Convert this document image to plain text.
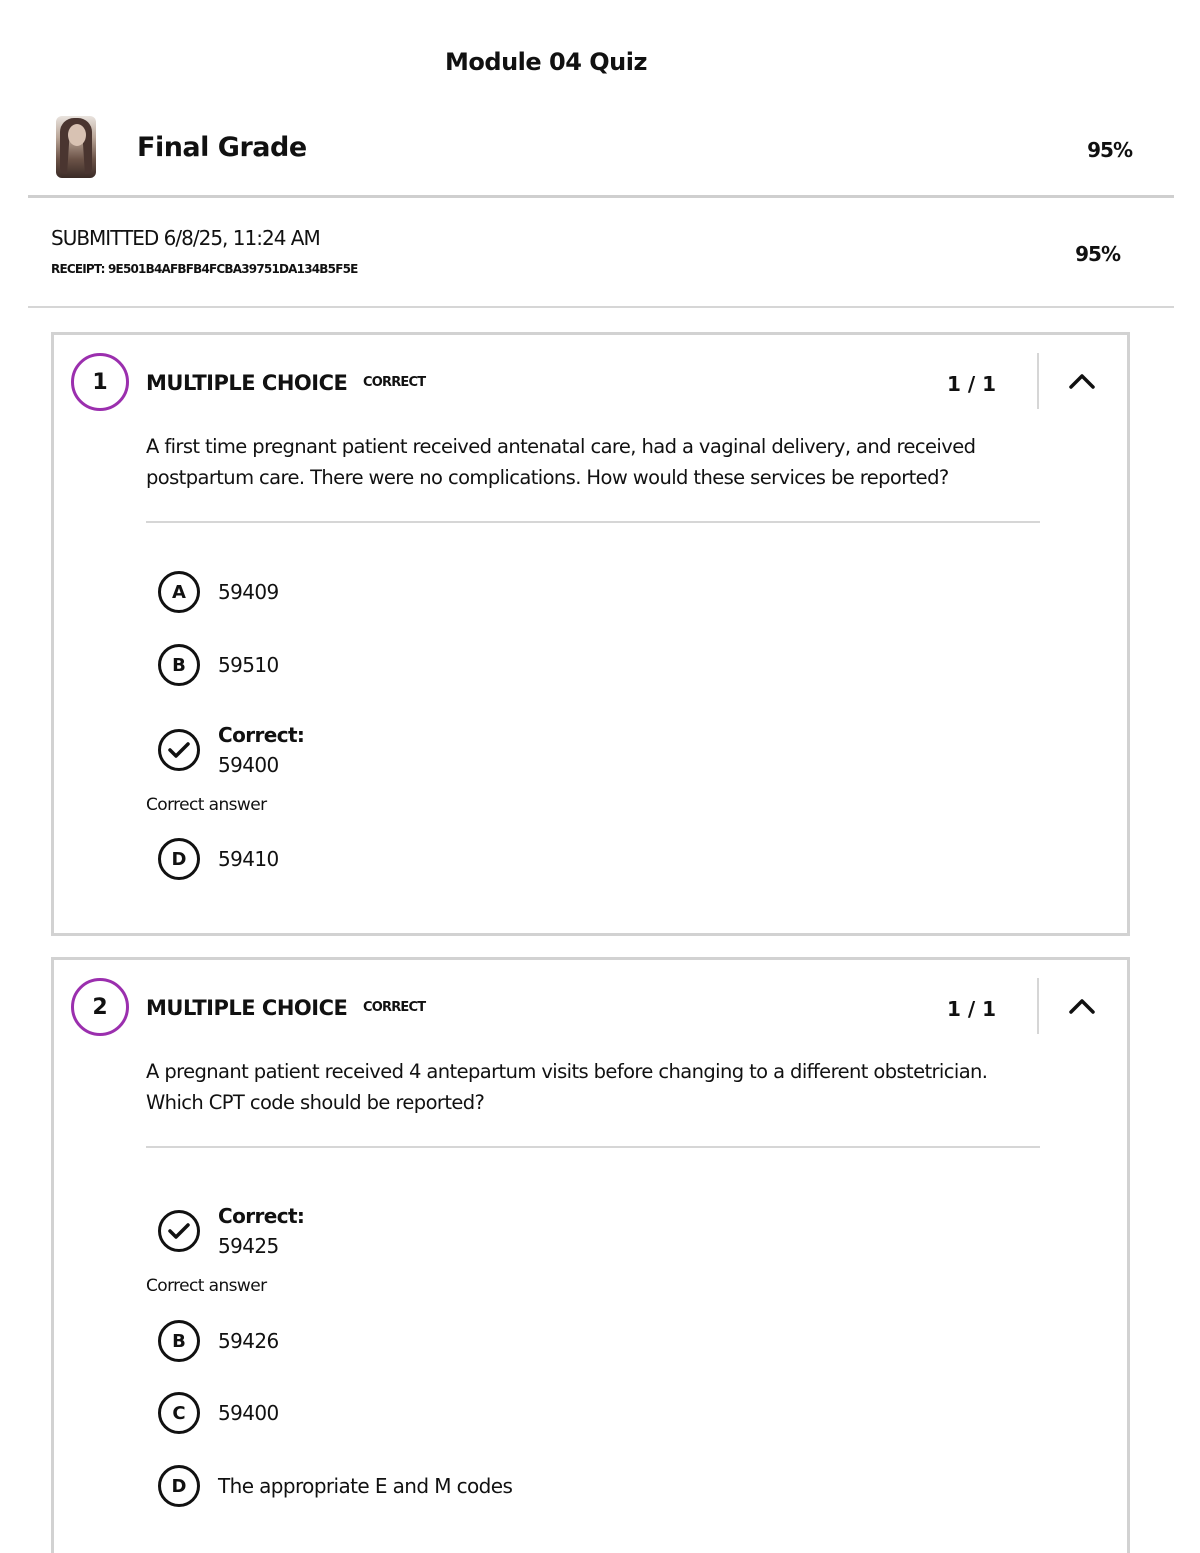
Module 04 Quiz
Final Grade	95%
SUBMITTED 6/8/25, 11:24 AM
RECEIPT: 9E501B4AFBFB4FCBA39751DA134B5F5E
95%
1	MULTIPLE CHOICE CORRECT	1 / 1
A first time pregnant patient received antenatal care, had a vaginal delivery, and received postpartum care. There were no complications. How would these services be reported?
A	59409
B	59510
Correct:
59400
Correct answer
D	59410
2	MULTIPLE CHOICE CORRECT	1 / 1
A pregnant patient received 4 antepartum visits before changing to a different obstetrician. Which CPT code should be reported?
Correct:
59425
Correct answer
B	59426
C	59400
D	The appropriate E and M codes
